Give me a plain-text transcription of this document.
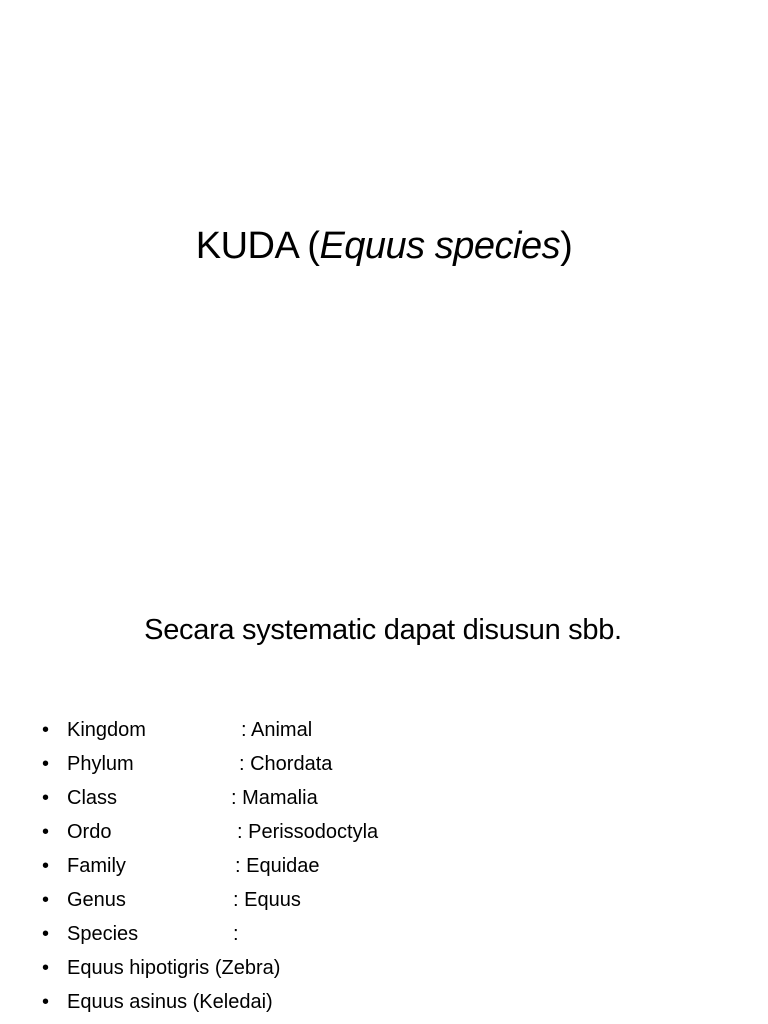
KUDA (Equus species)
Secara systematic dapat disusun sbb.
• Kingdom	: Animal
• Phylum	: Chordata
• Class	: Mamalia
• Ordo	: Perissodoctyla
• Family	: Equidae
• Genus	: Equus
• Species	:
• Equus hipotigris (Zebra)
• Equus asinus (Keledai)
